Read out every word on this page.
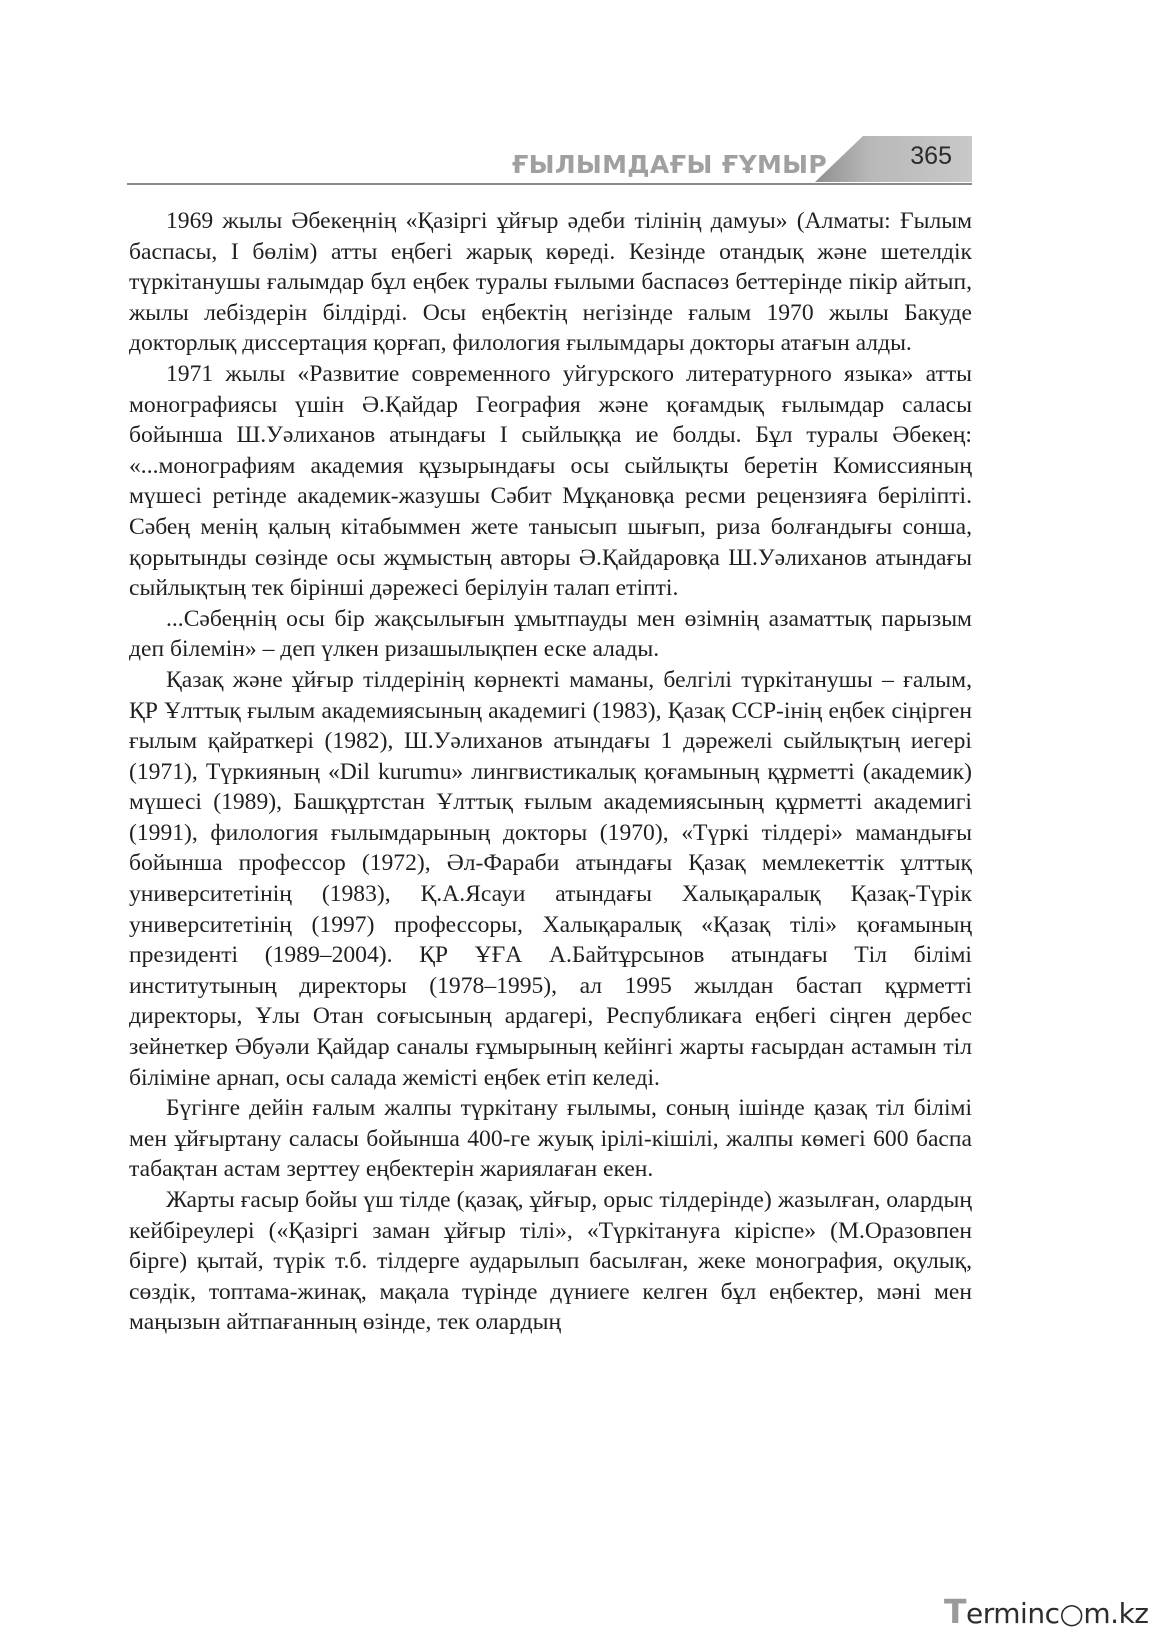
ҒЫЛЫМДАҒЫ ҒҰМЫР	365

1969 жылы Әбекеңнің «Қазіргі ұйғыр әдеби тілінің дамуы» (Алматы: Ғылым баспасы, І бөлім) атты еңбегі жарық көреді. Кезінде отандық және шетелдік түркітанушы ғалымдар бұл еңбек туралы ғылыми баспасөз беттерінде пікір айтып, жылы лебіздерін білдірді. Осы еңбектің негізінде ғалым 1970 жылы Бакуде докторлық диссертация қорғап, филология ғылымдары докторы атағын алды.

1971 жылы «Развитие современного уйгурского литературного языка» атты монографиясы үшін Ә.Қайдар География және қоғамдық ғылымдар саласы бойынша Ш.Уәлиханов атындағы І сыйлыққа ие болды. Бұл туралы Әбекең: «...монографиям академия құзырындағы осы сыйлықты беретін Комиссияның мүшесі ретінде академик-жазушы Сәбит Мұқановқа ресми рецензияға беріліпті. Сәбең менің қалың кітабыммен жете танысып шығып, риза болғандығы сонша, қорытынды сөзінде осы жұмыстың авторы Ә.Қайдаровқа Ш.Уәлиханов атындағы сыйлықтың тек бірінші дәрежесі берілуін талап етіпті.

...Сәбеңнің осы бір жақсылығын ұмытпауды мен өзімнің азаматтық парызым деп білемін» – деп үлкен ризашылықпен еске алады.

Қазақ және ұйғыр тілдерінің көрнекті маманы, белгілі түркітанушы – ғалым, ҚР Ұлттық ғылым академиясының академигі (1983), Қазақ ССР-інің еңбек сіңірген ғылым қайраткері (1982), Ш.Уәлиханов атындағы 1 дәрежелі сыйлықтың иегері (1971), Түркияның «Dil kurumu» лингвистикалық қоғамының құрметті (академик) мүшесі (1989), Башқұртстан Ұлттық ғылым академиясының құрметті академигі (1991), филология ғылымдарының докторы (1970), «Түркі тілдері» мамандығы бойынша профессор (1972), Әл-Фараби атындағы Қазақ мемлекеттік ұлттық университетінің (1983), Қ.А.Ясауи атындағы Халықаралық Қазақ-Түрік университетінің (1997) профессоры, Халықаралық «Қазақ тілі» қоғамының президенті (1989–2004). ҚР ҰҒА А.Байтұрсынов атындағы Тіл білімі институтының директоры (1978–1995), ал 1995 жылдан бастап құрметті директоры, Ұлы Отан соғысының ардагері, Республикаға еңбегі сіңген дербес зейнеткер Әбуәли Қайдар саналы ғұмырының кейінгі жарты ғасырдан астамын тіл біліміне арнап, осы салада жемісті еңбек етіп келеді.

Бүгінге дейін ғалым жалпы түркітану ғылымы, соның ішінде қазақ тіл білімі мен ұйғыртану саласы бойынша 400-ге жуық ірілі-кішілі, жалпы көмегі 600 баспа табақтан астам зерттеу еңбектерін жариялаған екен.

Жарты ғасыр бойы үш тілде (қазақ, ұйғыр, орыс тілдерінде) жазылған, олардың кейбіреулері («Қазіргі заман ұйғыр тілі», «Түркітануға кіріспе» (М.Оразовпен бірге) қытай, түрік т.б. тілдерге аударылып басылған, жеке монография, оқулық, сөздік, топтама-жинақ, мақала түрінде дүниеге келген бұл еңбектер, мәні мен маңызын айтпағанның өзінде, тек олардың

Terminc○m.kz
